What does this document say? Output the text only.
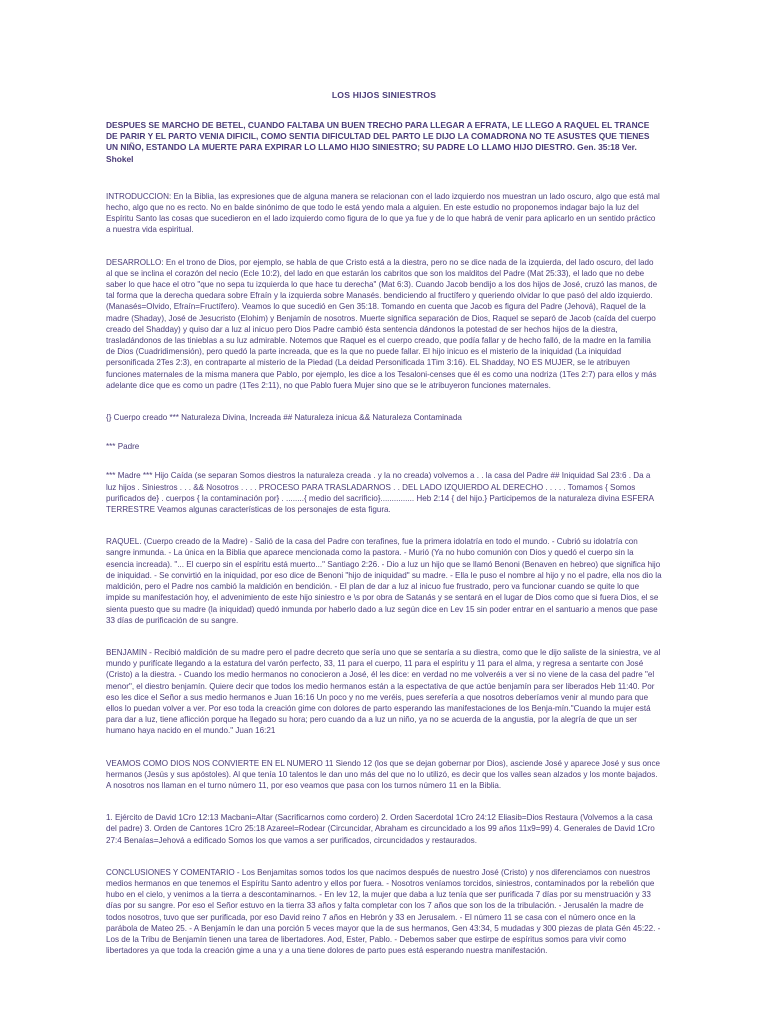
LOS HIJOS SINIESTROS

DESPUES SE MARCHO DE BETEL, CUANDO FALTABA UN BUEN TRECHO PARA LLEGAR A EFRATA, LE LLEGO A RAQUEL EL TRANCE DE PARIR Y EL PARTO VENIA DIFICIL, COMO SENTIA DIFICULTAD DEL PARTO LE DIJO LA COMADRONA NO TE ASUSTES QUE TIENES UN NIÑO, ESTANDO LA MUERTE PARA EXPIRAR LO LLAMO HIJO SINIESTRO; SU PADRE LO LLAMO HIJO DIESTRO. Gen. 35:18 Ver. Shokel

INTRODUCCION: En la Biblia, las expresiones que de alguna manera se relacionan con el lado izquierdo nos muestran un lado oscuro, algo que está mal hecho, algo que no es recto. No en balde sinónimo de que todo le está yendo mala a alguien. En este estudio no proponemos indagar bajo la luz del Espíritu Santo las cosas que sucedieron en el lado izquierdo como figura de lo que ya fue y de lo que habrá de venir para aplicarlo en un sentido práctico a nuestra vida espiritual.

DESARROLLO: En el trono de Dios, por ejemplo, se habla de que Cristo está a la diestra, pero no se dice nada de la izquierda, del lado oscuro, del lado al que se inclina el corazón del necio (Ecle 10:2), del lado en que estarán los cabritos que son los malditos del Padre (Mat 25:33), el lado que no debe saber lo que hace el otro "que no sepa tu izquierda lo que hace tu derecha" (Mat 6:3). Cuando Jacob bendijo a los dos hijos de José, cruzó las manos, de tal forma que la derecha quedara sobre Efraín y la izquierda sobre Manasés. bendiciendo al fructífero y queriendo olvidar lo que pasó del aldo izquierdo. (Manasés=Olvido, Efraín=Fructífero). Veamos lo que sucedió en Gen 35:18. Tomando en cuenta que Jacob es figura del Padre (Jehová), Raquel de la madre (Shaday), José de Jesucristo (Elohim) y Benjamín de nosotros. Muerte significa separación de Dios, Raquel se separó de Jacob (caída del cuerpo creado del Shadday) y quiso dar a luz al inicuo pero Dios Padre cambió ésta sentencia dándonos la potestad de ser hechos hijos de la diestra, trasladándonos de las tinieblas a su luz admirable. Notemos que Raquel es el cuerpo creado, que podía fallar y de hecho falló, de la madre en la familia de Dios (Cuadridimensión), pero quedó la parte increada, que es la que no puede fallar. El hijo inicuo es el misterio de la iniquidad (La iniquidad personificada 2Tes 2:3), en contraparte al misterio de la Piedad (La deidad Personificada 1Tim 3:16). EL Shadday, NO ES MUJER, se le atribuyen funciones maternales de la misma manera que Pablo, por ejemplo, les dice a los Tesaloni-censes que él es como una nodriza (1Tes 2:7) para ellos y más adelante dice que es como un padre (1Tes 2:11), no que Pablo fuera Mujer sino que se le atribuyeron funciones maternales.

{} Cuerpo creado *** Naturaleza Divina, Increada ## Naturaleza inicua && Naturaleza Contaminada

*** Padre

*** Madre *** Hijo Caída (se separan Somos diestros la naturaleza creada . y la no creada) volvemos a . . la casa del Padre ## Iniquidad Sal 23:6 . Da a luz hijos . Siniestros . . . && Nosotros . . . . PROCESO PARA TRASLADARNOS . . DEL LADO IZQUIERDO AL DERECHO . . . . . Tomamos { Somos purificados de} . cuerpos { la contaminación por} . ........{ medio del sacrificio}............... Heb 2:14 { del hijo.} Participemos de la naturaleza divina ESFERA TERRESTRE Veamos algunas características de los personajes de esta figura.

RAQUEL. (Cuerpo creado de la Madre) - Salió de la casa del Padre con terafines, fue la primera idolatría en todo el mundo. - Cubrió su idolatría con sangre inmunda. - La única en la Biblia que aparece mencionada como la pastora. - Murió (Ya no hubo comunión con Dios y quedó el cuerpo sin la esencia increada). "... El cuerpo sin el espíritu está muerto..." Santiago 2:26. - Dio a luz un hijo que se llamó Benoni (Benaven en hebreo) que significa hijo de iniquidad. - Se convirtió en la iniquidad, por eso dice de Benoni "hijo de iniquidad" su madre. - Ella le puso el nombre al hijo y no el padre, ella nos dio la maldición, pero el Padre nos cambió la maldición en bendición. - El plan de dar a luz al inicuo fue frustrado, pero va funcionar cuando se quite lo que impide su manifestación hoy, el advenimiento de este hijo siniestro e \s por obra de Satanás y se sentará en el lugar de Dios como que si fuera Dios, el se sienta puesto que su madre (la iniquidad) quedó inmunda por haberlo dado a luz según dice en Lev 15 sin poder entrar en el santuario a menos que pase 33 días de purificación de su sangre.

BENJAMIN - Recibió maldición de su madre pero el padre decreto que sería uno que se sentaría a su diestra, como que le dijo saliste de la siniestra, ve al mundo y purifícate llegando a la estatura del varón perfecto, 33, 11 para el cuerpo, 11 para el espíritu y 11 para el alma, y regresa a sentarte con José (Cristo) a la diestra. - Cuando los medio hermanos no conocieron a José, él les dice: en verdad no me volveréis a ver si no viene de la casa del padre "el menor", el diestro benjamín. Quiere decir que todos los medio hermanos están a la espectativa de que actúe benjamín para ser liberados Heb 11:40. Por eso les dice el Señor a sus medio hermanos e Juan 16:16 Un poco y no me veréis, pues serefería a que nosotros deberíamos venir al mundo para que ellos lo puedan volver a ver. Por eso toda la creación gime con dolores de parto esperando las manifestaciones de los Benja-mín."Cuando la mujer está para dar a luz, tiene aflicción porque ha llegado su hora; pero cuando da a luz un niño, ya no se acuerda de la angustia, por la alegría de que un ser humano haya nacido en el mundo." Juan 16:21

VEAMOS COMO DIOS NOS CONVIERTE EN EL NUMERO 11 Siendo 12 (los que se dejan gobernar por Dios), asciende José y aparece José y sus once hermanos (Jesús y sus apóstoles). Al que tenía 10 talentos le dan uno más del que no lo utilizó, es decir que los valles sean alzados y los monte bajados. A nosotros nos llaman en el turno número 11, por eso veamos que pasa con los turnos número 11 en la Biblia.

1. Ejército de David 1Cro 12:13 Macbani=Altar (Sacrificarnos como cordero) 2. Orden Sacerdotal 1Cro 24:12 Eliasib=Dios Restaura (Volvemos a la casa del padre) 3. Orden de Cantores 1Cro 25:18 Azareel=Rodear (Circuncidar, Abraham es circuncidado a los 99 años 11x9=99) 4. Generales de David 1Cro 27:4 Benaías=Jehová a edificado Somos los que vamos a ser purificados, circuncidados y restaurados.

CONCLUSIONES Y COMENTARIO - Los Benjamitas somos todos los que nacimos después de nuestro José (Cristo) y nos diferenciamos con nuestros medios hermanos en que tenemos el Espíritu Santo adentro y ellos por fuera. - Nosotros veníamos torcidos, siniestros, contaminados por la rebelión que hubo en el cielo, y venimos a la tierra a descontaminarnos. - En lev 12, la mujer que daba a luz tenía que ser purificada 7 días por su menstruación y 33 días por su sangre. Por eso el Señor estuvo en la tierra 33 años y falta completar con los 7 años que son los de la tribulación. - Jerusalén la madre de todos nosotros, tuvo que ser purificada, por eso David reino 7 años en Hebrón y 33 en Jerusalem. - El número 11 se casa con el número once en la parábola de Mateo 25. - A Benjamín le dan una porción 5 veces mayor que la de sus hermanos, Gen 43:34, 5 mudadas y 300 piezas de plata Gén 45:22. - Los de la Tribu de Benjamín tienen una tarea de libertadores. Aod, Ester, Pablo. - Debemos saber que estirpe de espíritus somos para vivir como libertadores ya que toda la creación gime a una y a una tiene dolores de parto pues está esperando nuestra manifestación.
